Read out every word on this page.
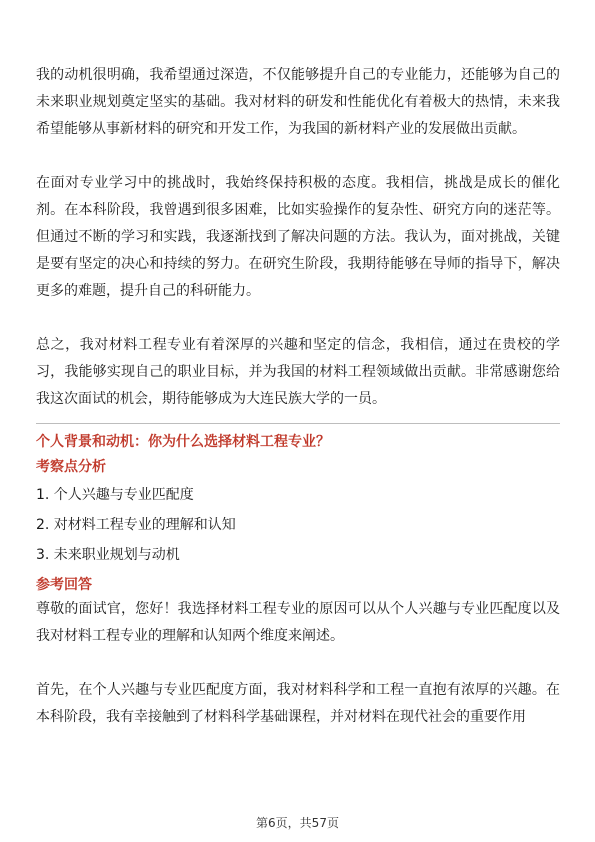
我的动机很明确，我希望通过深造，不仅能够提升自己的专业能力，还能够为自己的未来职业规划奠定坚实的基础。我对材料的研发和性能优化有着极大的热情，未来我希望能够从事新材料的研究和开发工作，为我国的新材料产业的发展做出贡献。

在面对专业学习中的挑战时，我始终保持积极的态度。我相信，挑战是成长的催化剂。在本科阶段，我曾遇到很多困难，比如实验操作的复杂性、研究方向的迷茫等。但通过不断的学习和实践，我逐渐找到了解决问题的方法。我认为，面对挑战，关键是要有坚定的决心和持续的努力。在研究生阶段，我期待能够在导师的指导下，解决更多的难题，提升自己的科研能力。

总之，我对材料工程专业有着深厚的兴趣和坚定的信念，我相信，通过在贵校的学习，我能够实现自己的职业目标，并为我国的材料工程领域做出贡献。非常感谢您给我这次面试的机会，期待能够成为大连民族大学的一员。

个人背景和动机：你为什么选择材料工程专业？

考察点分析

1. 个人兴趣与专业匹配度
2. 对材料工程专业的理解和认知
3. 未来职业规划与动机

参考回答

尊敬的面试官，您好！我选择材料工程专业的原因可以从个人兴趣与专业匹配度以及我对材料工程专业的理解和认知两个维度来阐述。

首先，在个人兴趣与专业匹配度方面，我对材料科学和工程一直抱有浓厚的兴趣。在本科阶段，我有幸接触到了材料科学基础课程，并对材料在现代社会的重要作用

第6页，共57页
